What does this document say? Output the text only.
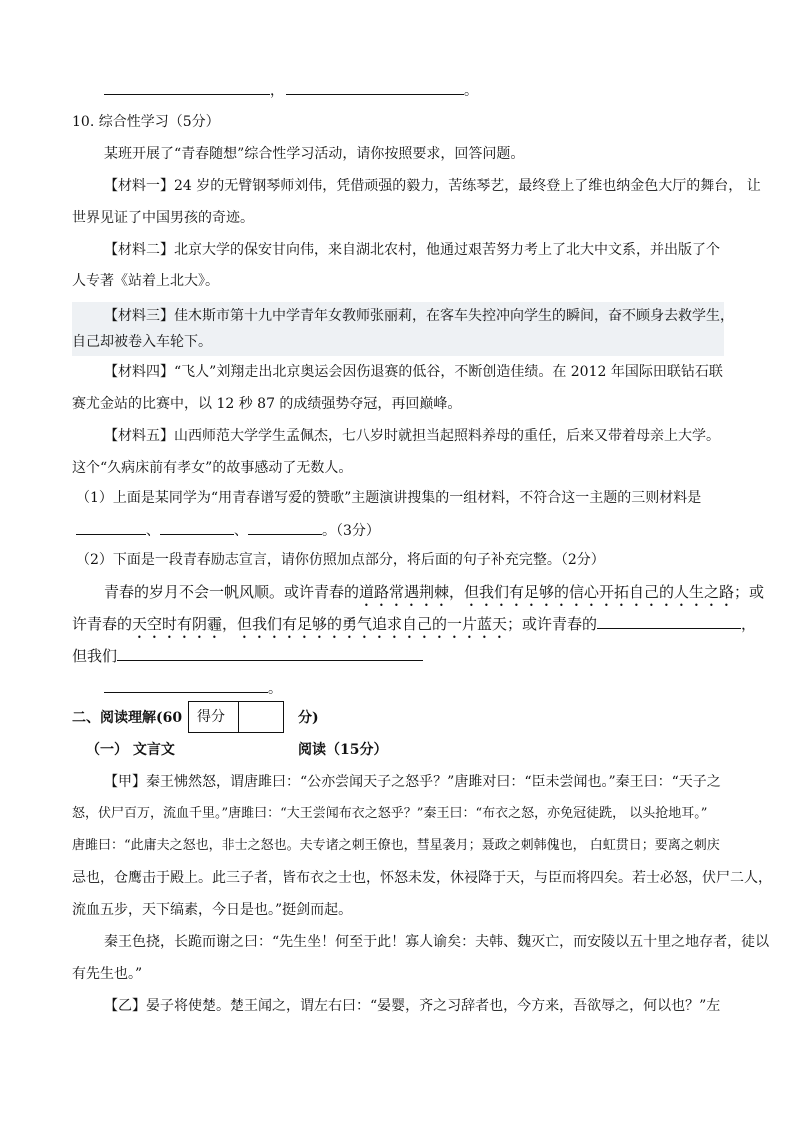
，	。
10. 综合性学习（5分）
某班开展了“青春随想”综合性学习活动，请你按照要求，回答问题。
【材料一】24 岁的无臂钢琴师刘伟，凭借顽强的毅力，苦练琴艺，最终登上了维也纳金色大厅的舞台， 让
世界见证了中国男孩的奇迹。
【材料二】北京大学的保安甘向伟，来自湖北农村，他通过艰苦努力考上了北大中文系，并出版了个
人专著《站着上北大》。
【材料三】佳木斯市第十九中学青年女教师张丽莉，在客车失控冲向学生的瞬间，奋不顾身去救学生，
自己却被卷入车轮下。
【材料四】“飞人”刘翔走出北京奥运会因伤退赛的低谷，不断创造佳绩。在 2012 年国际田联钻石联
赛尤金站的比赛中，以 12 秒 87 的成绩强势夺冠，再回巅峰。
【材料五】山西师范大学学生孟佩杰，七八岁时就担当起照料养母的重任，后来又带着母亲上大学。
这个“久病床前有孝女”的故事感动了无数人。
（1）上面是某同学为“用青春谱写爱的赞歌”主题演讲搜集的一组材料，不符合这一主题的三则材料是
、	、	。（3分）
（2）下面是一段青春励志宣言，请你仿照加点部分，将后面的句子补充完整。（2分）
青春的岁月不会一帆风顺。或许青春的道路常遇荆棘，但我们有足够的信心开拓自己的人生之路；或
许青春的天空时有阴霾，但我们有足够的勇气追求自己的一片蓝天；或许青春的	，
但我们
。
二、阅读理解(60	得分	分)
（一） 文言文	阅读（15分）
【甲】秦王怫然怒，谓唐雎曰：“公亦尝闻天子之怒乎？”唐雎对曰：“臣未尝闻也。”秦王曰：“天子之
怒，伏尸百万，流血千里。”唐雎曰：“大王尝闻布衣之怒乎？”秦王曰：“布衣之怒，亦免冠徒跣， 以头抢地耳。”
唐雎曰：“此庸夫之怒也，非士之怒也。夫专诸之刺王僚也，彗星袭月；聂政之刺韩傀也， 白虹贯日；要离之刺庆
忌也，仓鹰击于殿上。此三子者，皆布衣之士也，怀怒未发，休祲降于天，与臣而将四矣。若士必怒，伏尸二人，
流血五步，天下缟素，今日是也。”挺剑而起。
秦王色挠，长跪而谢之曰：“先生坐！何至于此！寡人谕矣：夫韩、魏灭亡，而安陵以五十里之地存者，徒以
有先生也。”
【乙】晏子将使楚。楚王闻之，谓左右曰：“晏婴，齐之习辞者也，今方来，吾欲辱之，何以也？”左
